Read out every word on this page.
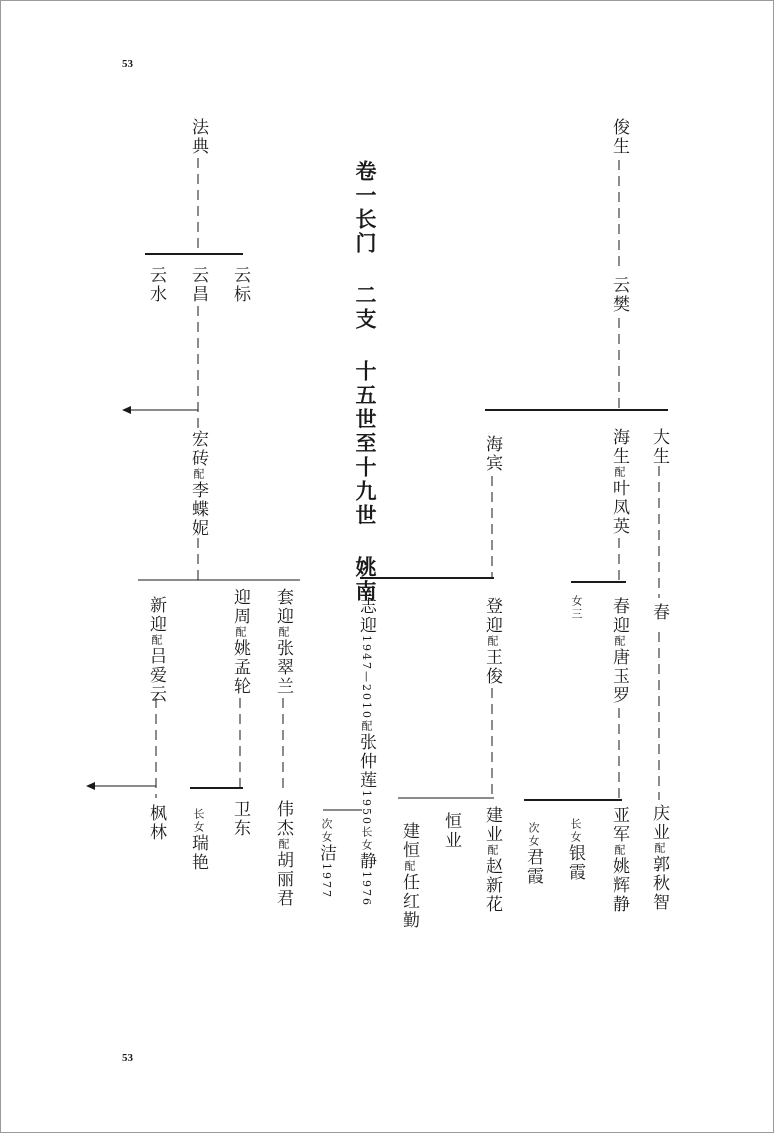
53
53
卷一长门 二支 十五世至十九世 姚南
俊生
云樊
大生
海生配叶凤英
海宾
春
女三 春迎配唐玉罗
登迎配王俊
志迎1947—2010配张仲莲1950	庆业配郭秋智
亚军配姚辉静
长女银霞
次女君霞
建业配赵新花
恒业
建恒配任红勤
长女静1976
次女洁1977
法典
云标
云昌
云水
宏砖配李蝶妮
套迎配张翠兰
迎周配姚孟轮
新迎配吕爱云
伟杰配胡丽君
卫东
长女瑞艳
枫林
